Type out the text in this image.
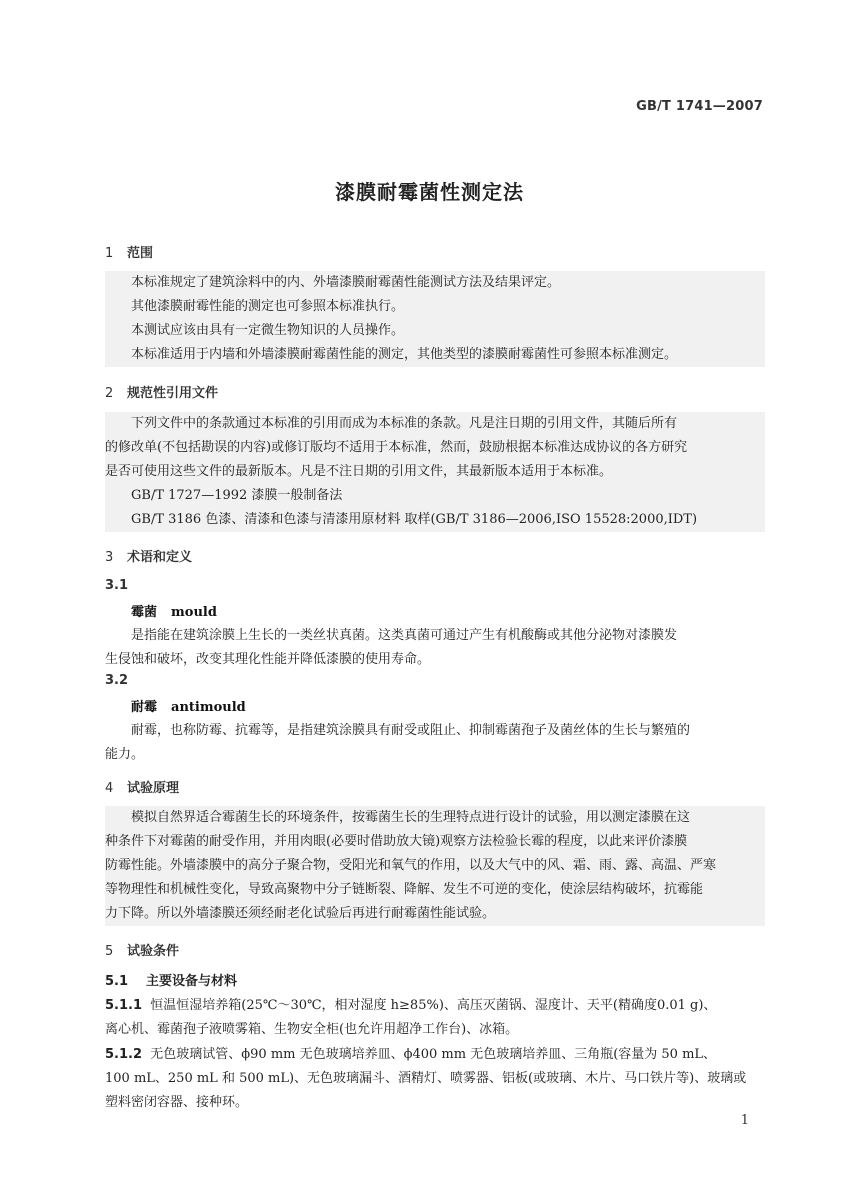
GB/T 1741—2007
漆膜耐霉菌性测定法
1 范围

本标准规定了建筑涂料中的内、外墙漆膜耐霉菌性能测试方法及结果评定。

其他漆膜耐霉性能的测定也可参照本标准执行。

本测试应该由具有一定微生物知识的人员操作。

本标准适用于内墙和外墙漆膜耐霉菌性能的测定，其他类型的漆膜耐霉菌性可参照本标准测定。

2 规范性引用文件

下列文件中的条款通过本标准的引用而成为本标准的条款。凡是注日期的引用文件，其随后所有

的修改单(不包括勘误的内容)或修订版均不适用于本标准，然而，鼓励根据本标准达成协议的各方研究

是否可使用这些文件的最新版本。凡是不注日期的引用文件，其最新版本适用于本标准。

GB/T 1727—1992 漆膜一般制备法

GB/T 3186 色漆、清漆和色漆与清漆用原材料 取样(GB/T 3186—2006,ISO 15528:2000,IDT)

3 术语和定义
3.1
霉菌 mould

是指能在建筑涂膜上生长的一类丝状真菌。这类真菌可通过产生有机酸酶或其他分泌物对漆膜发

生侵蚀和破坏，改变其理化性能并降低漆膜的使用寿命。

3.2
耐霉 antimould

耐霉，也称防霉、抗霉等，是指建筑涂膜具有耐受或阻止、抑制霉菌孢子及菌丝体的生长与繁殖的

能力。

4 试验原理

模拟自然界适合霉菌生长的环境条件，按霉菌生长的生理特点进行设计的试验，用以测定漆膜在这

种条件下对霉菌的耐受作用，并用肉眼(必要时借助放大镜)观察方法检验长霉的程度，以此来评价漆膜

防霉性能。外墙漆膜中的高分子聚合物，受阳光和氧气的作用，以及大气中的风、霜、雨、露、高温、严寒

等物理性和机械性变化，导致高聚物中分子链断裂、降解、发生不可逆的变化，使涂层结构破坏，抗霉能

力下降。所以外墙漆膜还须经耐老化试验后再进行耐霉菌性能试验。

5 试验条件
5.1 主要设备与材料

5.1.1 恒温恒湿培养箱(25℃～30℃，相对湿度 h≥85%)、高压灭菌锅、湿度计、天平(精确度0.01 g)、

离心机、霉菌孢子液喷雾箱、生物安全柜(也允许用超净工作台)、冰箱。

5.1.2 无色玻璃试管、ϕ90 mm 无色玻璃培养皿、ϕ400 mm 无色玻璃培养皿、三角瓶(容量为 50 mL、

100 mL、250 mL 和 500 mL)、无色玻璃漏斗、酒精灯、喷雾器、铝板(或玻璃、木片、马口铁片等)、玻璃或

塑料密闭容器、接种环。

1
